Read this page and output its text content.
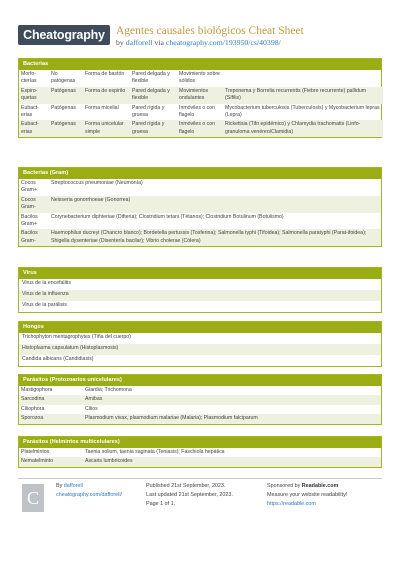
Cheatography Agentes causales biológicos Cheat Sheet
by dafforell via cheatography.com/193950/cs/40398/
Bacterias
Morfo-cterías	No patógenas	Forma de bastón	Pared delgada y flexible	Movimiento sobre sólidos	
Espiro-quetas	Patógenas	Forma de espirilo	Pared delgada y flexible	Movimientos ondulantes	Treponema y Borrelia recurrentis (Fiebre recurrente) pallidum (Sífilis)
Eubact-erias	Patógenas	Forma micelial	Pared rígida y gruesa	Inmóviles o con flagelo	Mycobacterium tuberculosis (Tuberculosis) y Mycobacterium lepras (Lepra)
Eubact-erias	Patógenas	Forma unicelular simple	Pared rígida y gruesa	Inmóviles o con flagelo	Rickettsia (Tifo epidémico) y Chlamydia trachomatis (Linfo-granuloma venéreo/Clamidia)
Bacterias (Gram)
Cocos Gram+	Streptococcus pneumoniae (Neumonía)
Cocos Gram-	Neisseria gonorrhoeae (Gonorrea)
Bacilos Gram+	Corynebacterium diphteriae (Difteria); Clostridium tetani (Tétanos); Clostridium Botulinum (Botulismo)
Bacilos Gram-	Haemophilus ducreyi (Chancro blanco); Bordetella pertussis (Tosferina); Salmonella typhi (Tifoidea); Salmonella paratyphi (Parat-ifoidea); Shigella dysenteriae (Disentería bacilar); Vibrio cholerae (Cólera)
Virus
Virus de la encefalitis
Virus de la influenza
Virus de la parálisis
Hongos
Trichophyton mentagrophytes (Tiña del cuerpo)
Histoplasma capsulatum (Histoplasmosis)
Candida albicans (Candidiasis)
Parásitos (Protozoarios unicelulares)
Mastigophora	Giardia; Trichomona
Sarcodina	Amibas
Ciliophora	Cilios
Sporozoa	Plasmodium vivax, plasmodium malariae (Malaria); Plasmodium falciparum
Parásitos (Helmintos multicelulares)
Platelmintos	Taenia solium, taenia saginata (Teniasis); Faschiola hepática
Nematelminto	Ascaris lumbricoides
C
By dafforell
cheatography.com/dafforell/
Published 21st September, 2023.
Last updated 21st September, 2023.
Page 1 of 1.
Sponsored by Readable.com
Measure your website readability!
https://readable.com
